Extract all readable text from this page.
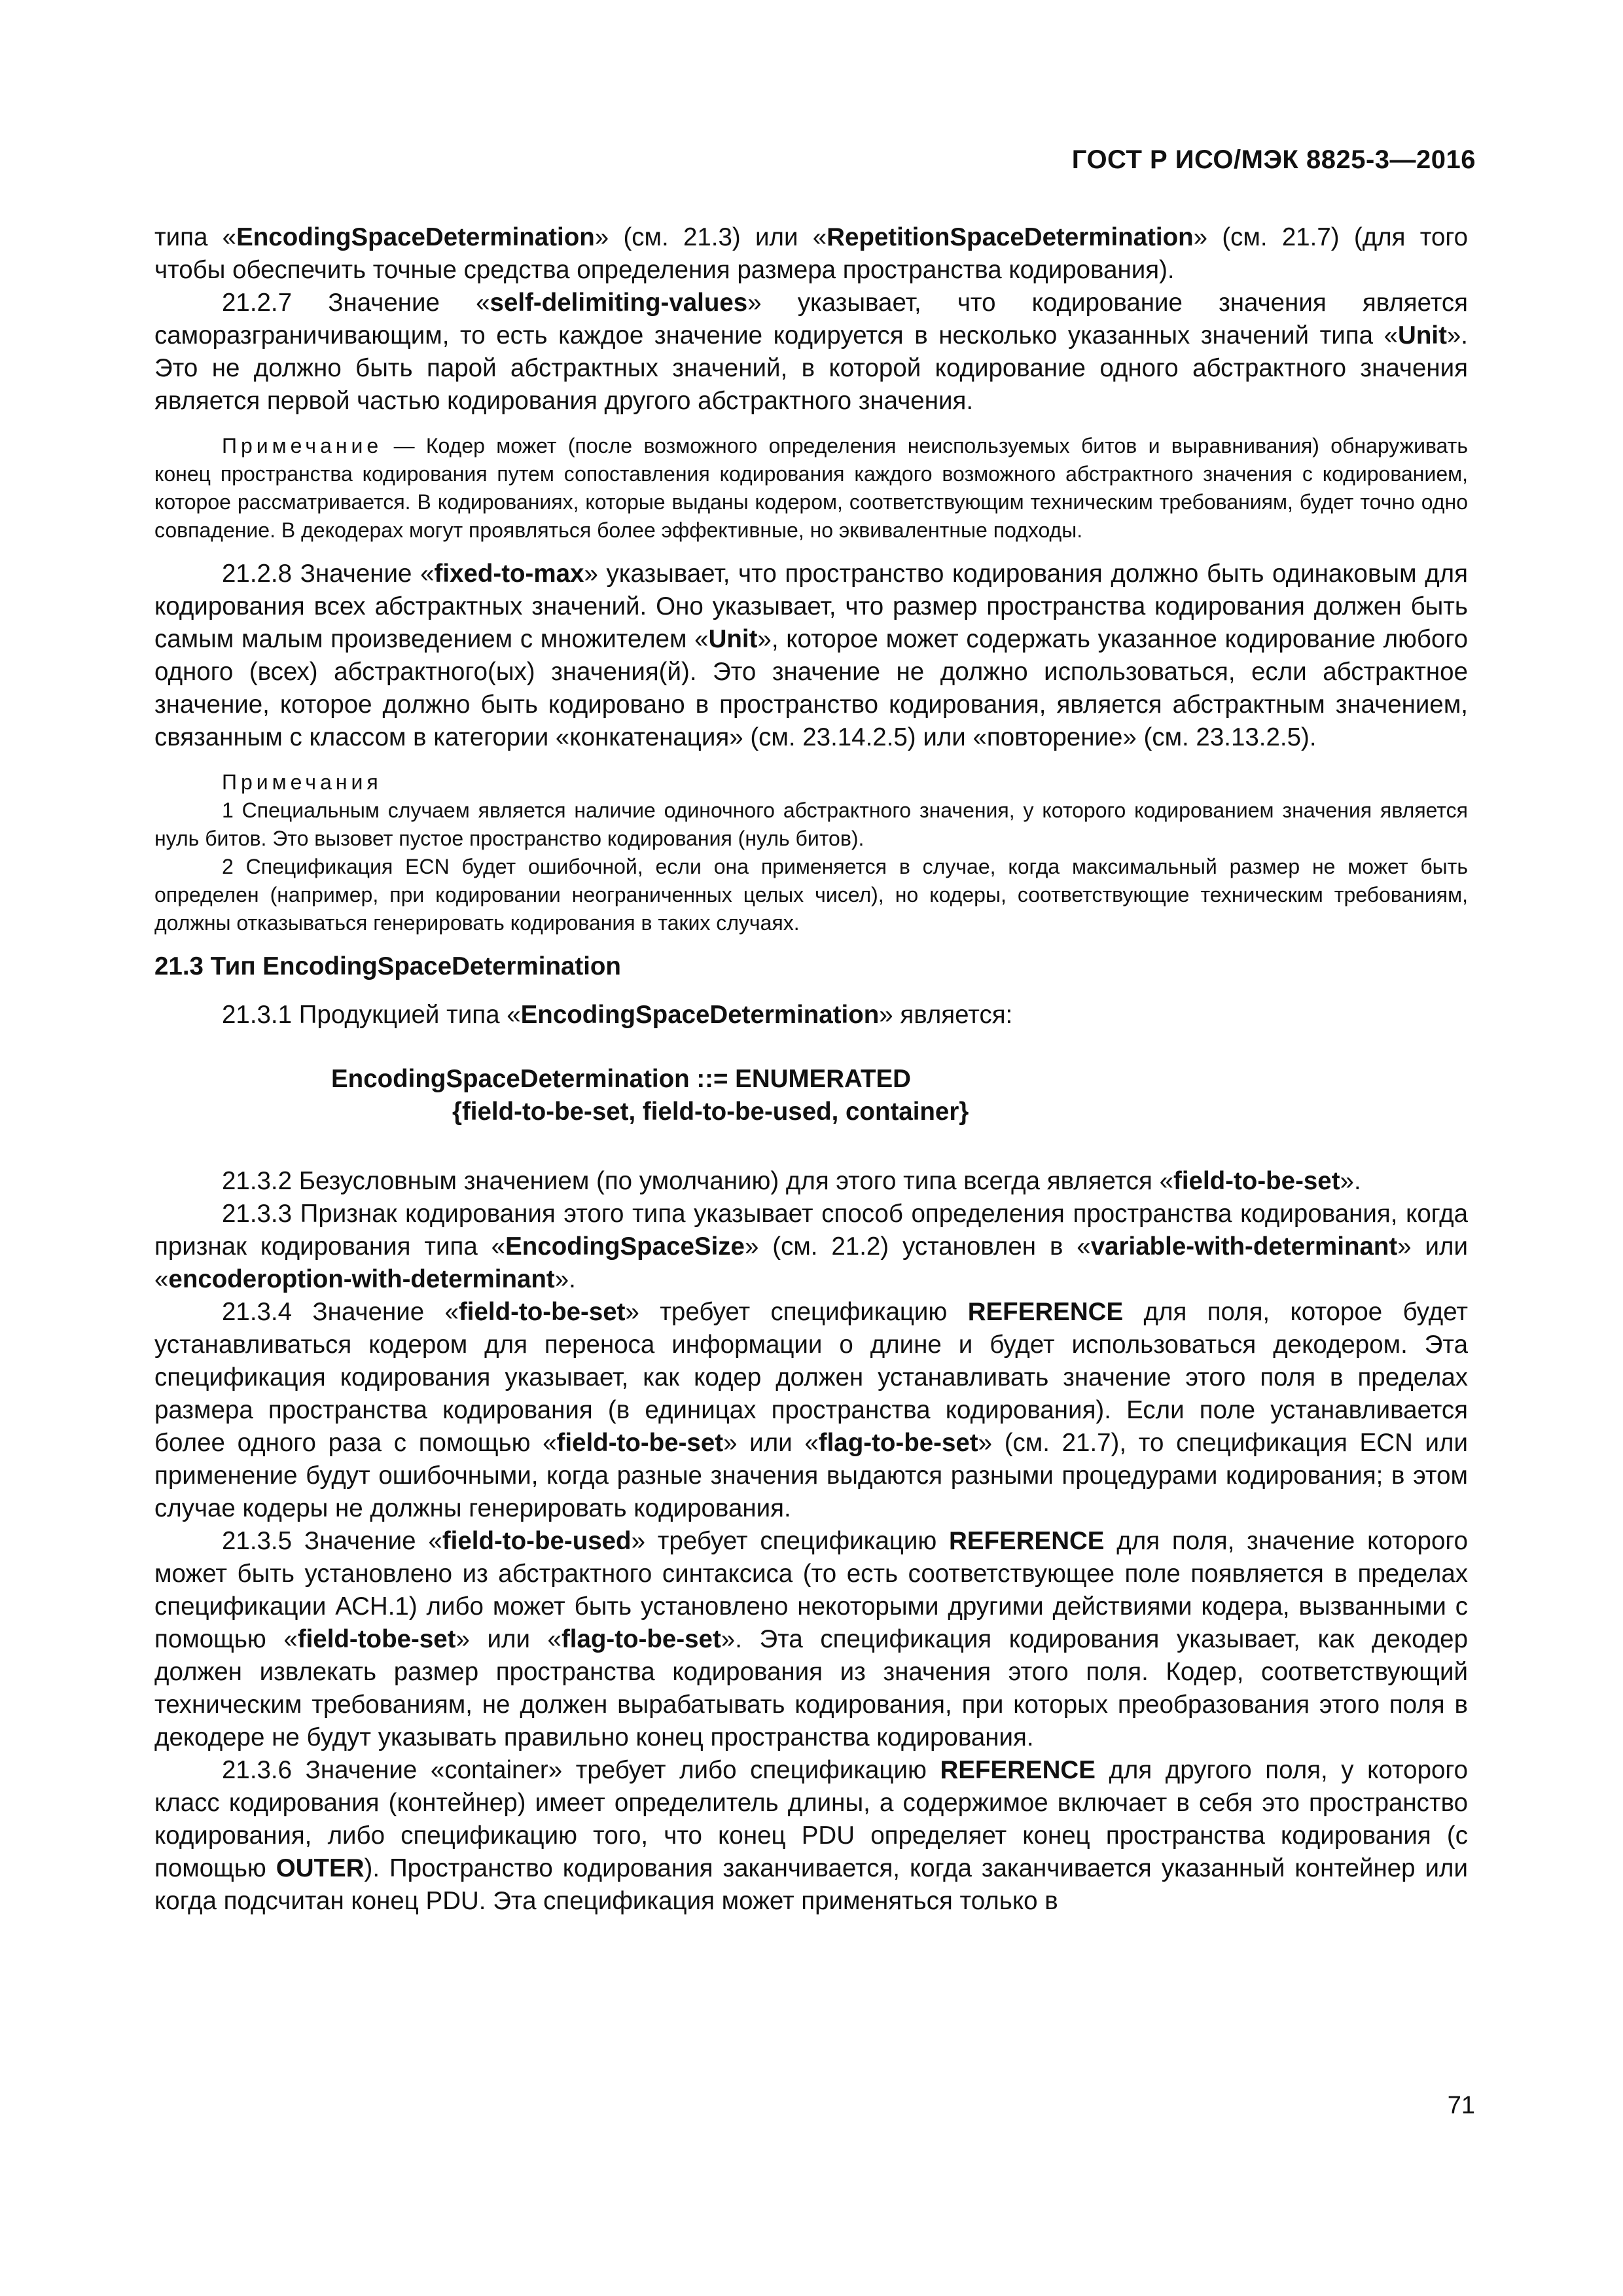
ГОСТ Р ИСО/МЭК 8825-3—2016

типа «EncodingSpaceDetermination» (см. 21.3) или «RepetitionSpaceDetermination» (см. 21.7) (для того чтобы обеспечить точные средства определения размера пространства кодирования).

21.2.7 Значение «self-delimiting-values» указывает, что кодирование значения является саморазграничивающим, то есть каждое значение кодируется в несколько указанных значений типа «Unit». Это не должно быть парой абстрактных значений, в которой кодирование одного абстрактного значения является первой частью кодирования другого абстрактного значения.

Примечание — Кодер может (после возможного определения неиспользуемых битов и выравнивания) обнаруживать конец пространства кодирования путем сопоставления кодирования каждого возможного абстрактного значения с кодированием, которое рассматривается. В кодированиях, которые выданы кодером, соответствующим техническим требованиям, будет точно одно совпадение. В декодерах могут проявляться более эффективные, но эквивалентные подходы.

21.2.8 Значение «fixed-to-max» указывает, что пространство кодирования должно быть одинаковым для кодирования всех абстрактных значений. Оно указывает, что размер пространства кодирования должен быть самым малым произведением с множителем «Unit», которое может содержать указанное кодирование любого одного (всех) абстрактного(ых) значения(й). Это значение не должно использоваться, если абстрактное значение, которое должно быть кодировано в пространство кодирования, является абстрактным значением, связанным с классом в категории «конкатенация» (см. 23.14.2.5) или «повторение» (см. 23.13.2.5).

Примечания

1 Специальным случаем является наличие одиночного абстрактного значения, у которого кодированием значения является нуль битов. Это вызовет пустое пространство кодирования (нуль битов).

2 Спецификация ECN будет ошибочной, если она применяется в случае, когда максимальный размер не может быть определен (например, при кодировании неограниченных целых чисел), но кодеры, соответствующие техническим требованиям, должны отказываться генерировать кодирования в таких случаях.

21.3 Тип EncodingSpaceDetermination

21.3.1 Продукцией типа «EncodingSpaceDetermination» является:

EncodingSpaceDetermination ::= ENUMERATED
{field-to-be-set, field-to-be-used, container}

21.3.2 Безусловным значением (по умолчанию) для этого типа всегда является «field-to-be-set».

21.3.3 Признак кодирования этого типа указывает способ определения пространства кодирования, когда признак кодирования типа «EncodingSpaceSize» (см. 21.2) установлен в «variable-with-determinant» или «encoderoption-with-determinant».

21.3.4 Значение «field-to-be-set» требует спецификацию REFERENCE для поля, которое будет устанавливаться кодером для переноса информации о длине и будет использоваться декодером. Эта спецификация кодирования указывает, как кодер должен устанавливать значение этого поля в пределах размера пространства кодирования (в единицах пространства кодирования). Если поле устанавливается более одного раза с помощью «field-to-be-set» или «flag-to-be-set» (см. 21.7), то спецификация ECN или применение будут ошибочными, когда разные значения выдаются разными процедурами кодирования; в этом случае кодеры не должны генерировать кодирования.

21.3.5 Значение «field-to-be-used» требует спецификацию REFERENCE для поля, значение которого может быть установлено из абстрактного синтаксиса (то есть соответствующее поле появляется в пределах спецификации АСН.1) либо может быть установлено некоторыми другими действиями кодера, вызванными с помощью «field-tobe-set» или «flag-to-be-set». Эта спецификация кодирования указывает, как декодер должен извлекать размер пространства кодирования из значения этого поля. Кодер, соответствующий техническим требованиям, не должен вырабатывать кодирования, при которых преобразования этого поля в декодере не будут указывать правильно конец пространства кодирования.

21.3.6 Значение «container» требует либо спецификацию REFERENCE для другого поля, у которого класс кодирования (контейнер) имеет определитель длины, а содержимое включает в себя это пространство кодирования, либо спецификацию того, что конец PDU определяет конец пространства кодирования (с помощью OUTER). Пространство кодирования заканчивается, когда заканчивается указанный контейнер или когда подсчитан конец PDU. Эта спецификация может применяться только в

71
